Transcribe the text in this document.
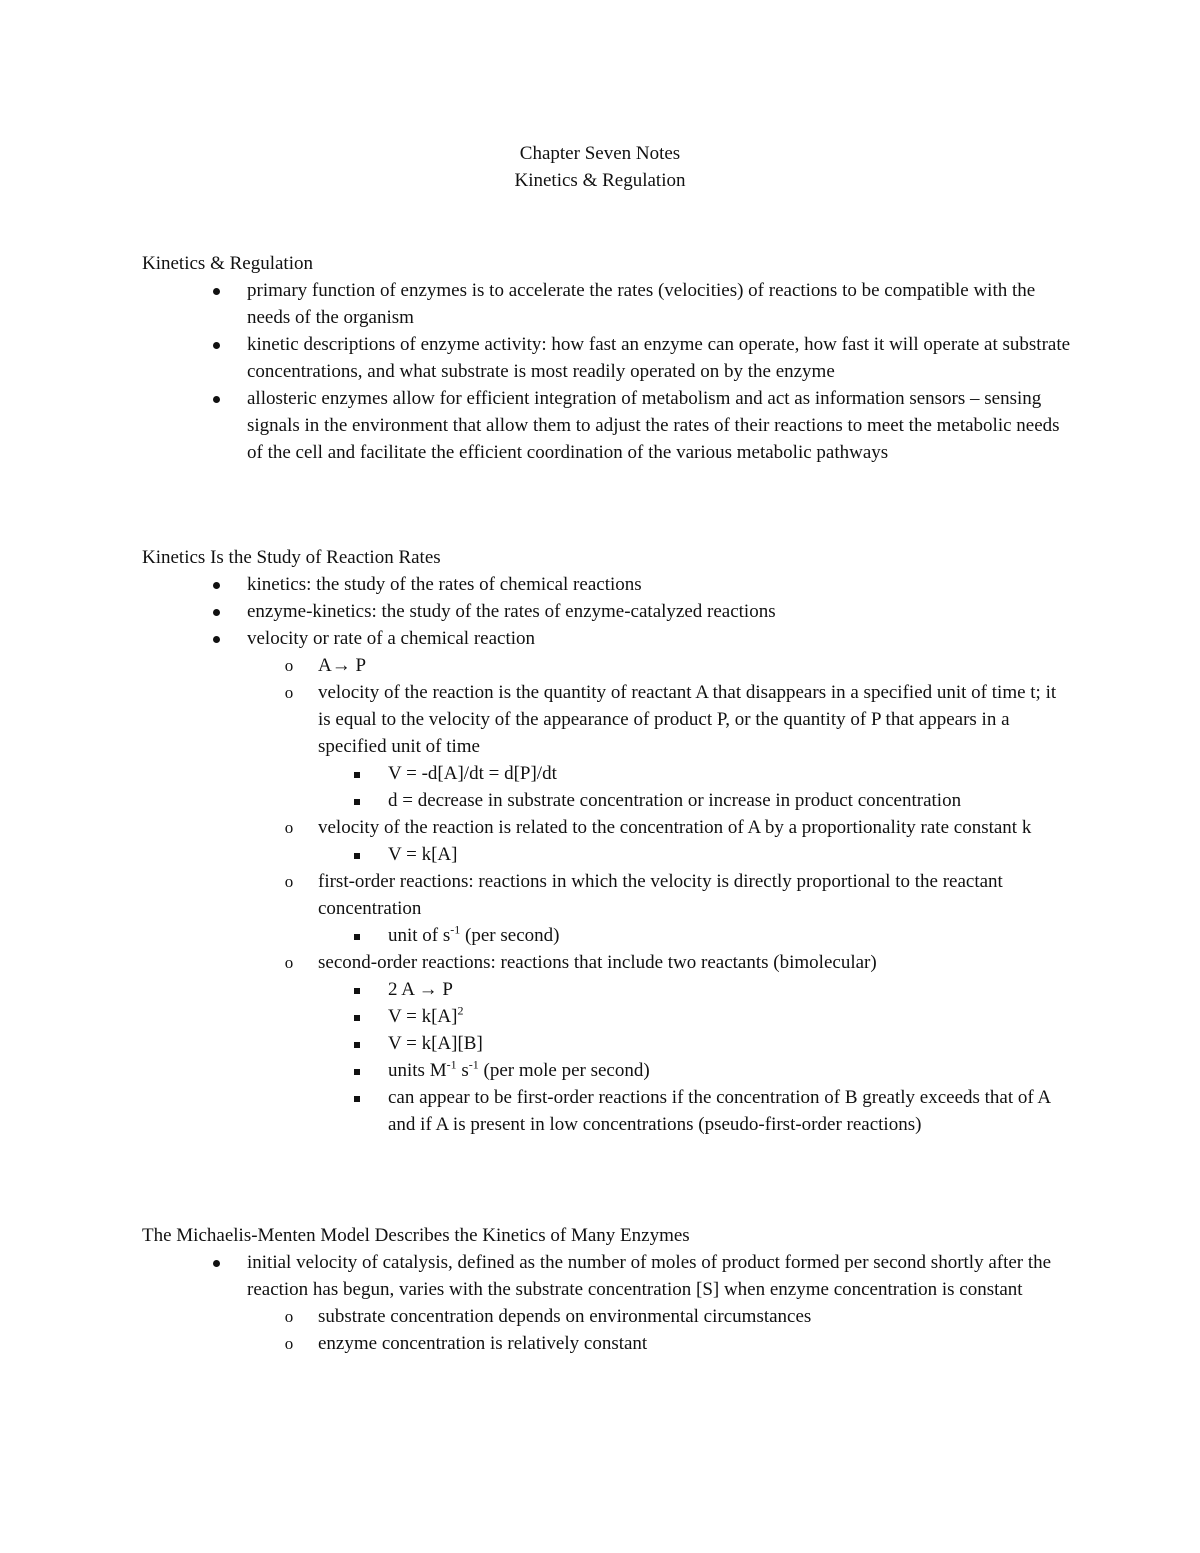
Chapter Seven Notes
Kinetics & Regulation
Kinetics & Regulation
primary function of enzymes is to accelerate the rates (velocities) of reactions to be compatible with the needs of the organism
kinetic descriptions of enzyme activity: how fast an enzyme can operate, how fast it will operate at substrate concentrations, and what substrate is most readily operated on by the enzyme
allosteric enzymes allow for efficient integration of metabolism and act as information sensors – sensing signals in the environment that allow them to adjust the rates of their reactions to meet the metabolic needs of the cell and facilitate the efficient coordination of the various metabolic pathways
Kinetics Is the Study of Reaction Rates
kinetics: the study of the rates of chemical reactions
enzyme-kinetics: the study of the rates of enzyme-catalyzed reactions
velocity or rate of a chemical reaction
o	A→ P
o	velocity of the reaction is the quantity of reactant A that disappears in a specified unit of time t; it is equal to the velocity of the appearance of product P, or the quantity of P that appears in a specified unit of time
V = -d[A]/dt = d[P]/dt
d = decrease in substrate concentration or increase in product concentration
o	velocity of the reaction is related to the concentration of A by a proportionality rate constant k
V = k[A]
o	first-order reactions: reactions in which the velocity is directly proportional to the reactant concentration
unit of $s^{-1}$ (per second)
o	second-order reactions: reactions that include two reactants (bimolecular)
2 A → P
$V = k[A]^2$
V = k[A][B]
units $M^{-1}$ $s^{-1}$ (per mole per second)
can appear to be first-order reactions if the concentration of B greatly exceeds that of A and if A is present in low concentrations (pseudo-first-order reactions)
The Michaelis-Menten Model Describes the Kinetics of Many Enzymes
initial velocity of catalysis, defined as the number of moles of product formed per second shortly after the reaction has begun, varies with the substrate concentration [S] when enzyme concentration is constant
o	substrate concentration depends on environmental circumstances
o	enzyme concentration is relatively constant
